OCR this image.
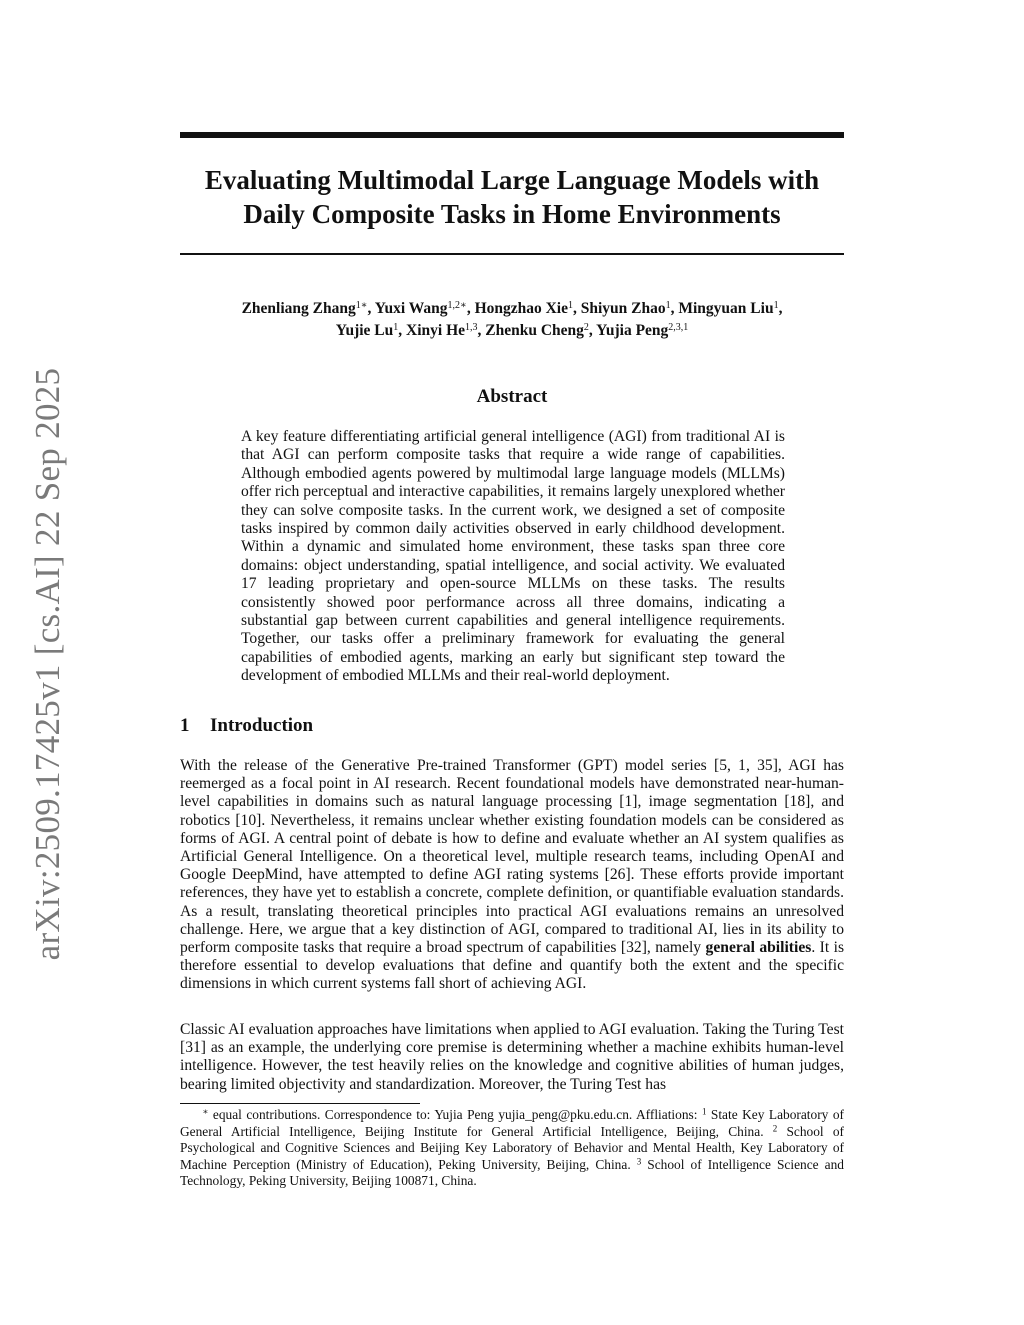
Evaluating Multimodal Large Language Models with
Daily Composite Tasks in Home Environments

Zhenliang Zhang$^{1∗}$, Yuxi Wang$^{1,2∗}$, Hongzhao Xie$^1$, Shiyun Zhao$^1$, Mingyuan Liu$^1$,
Yujie Lu$^1$, Xinyi He$^{1,3}$, Zhenku Cheng$^2$, Yujia Peng$^{2,3,1}$

Abstract

A key feature differentiating artificial general intelligence (AGI) from traditional AI is that AGI can perform composite tasks that require a wide range of capabilities. Although embodied agents powered by multimodal large language models (MLLMs) offer rich perceptual and interactive capabilities, it remains largely unexplored whether they can solve composite tasks. In the current work, we designed a set of composite tasks inspired by common daily activities observed in early childhood development. Within a dynamic and simulated home environment, these tasks span three core domains: object understanding, spatial intelligence, and social activity. We evaluated 17 leading proprietary and open-source MLLMs on these tasks. The results consistently showed poor performance across all three domains, indicating a substantial gap between current capabilities and general intelligence requirements. Together, our tasks offer a preliminary framework for evaluating the general capabilities of embodied agents, marking an early but significant step toward the development of embodied MLLMs and their real-world deployment.

1 Introduction

With the release of the Generative Pre-trained Transformer (GPT) model series [5, 1, 35], AGI has reemerged as a focal point in AI research. Recent foundational models have demonstrated near-human-level capabilities in domains such as natural language processing [1], image segmentation [18], and robotics [10]. Nevertheless, it remains unclear whether existing foundation models can be considered as forms of AGI. A central point of debate is how to define and evaluate whether an AI system qualifies as Artificial General Intelligence. On a theoretical level, multiple research teams, including OpenAI and Google DeepMind, have attempted to define AGI rating systems [26]. These efforts provide important references, they have yet to establish a concrete, complete definition, or quantifiable evaluation standards. As a result, translating theoretical principles into practical AGI evaluations remains an unresolved challenge. Here, we argue that a key distinction of AGI, compared to traditional AI, lies in its ability to perform composite tasks that require a broad spectrum of capabilities [32], namely general abilities. It is therefore essential to develop evaluations that define and quantify both the extent and the specific dimensions in which current systems fall short of achieving AGI.

Classic AI evaluation approaches have limitations when applied to AGI evaluation. Taking the Turing Test [31] as an example, the underlying core premise is determining whether a machine exhibits human-level intelligence. However, the test heavily relies on the knowledge and cognitive abilities of human judges, bearing limited objectivity and standardization. Moreover, the Turing Test has

∗ equal contributions. Correspondence to: Yujia Peng yujia_peng@pku.edu.cn. Affliations: $^1$ State Key Laboratory of General Artificial Intelligence, Beijing Institute for General Artificial Intelligence, Beijing, China. $^2$ School of Psychological and Cognitive Sciences and Beijing Key Laboratory of Behavior and Mental Health, Key Laboratory of Machine Perception (Ministry of Education), Peking University, Beijing, China. $^3$ School of Intelligence Science and Technology, Peking University, Beijing 100871, China.

arXiv:2509.17425v1 [cs.AI] 22 Sep 2025
